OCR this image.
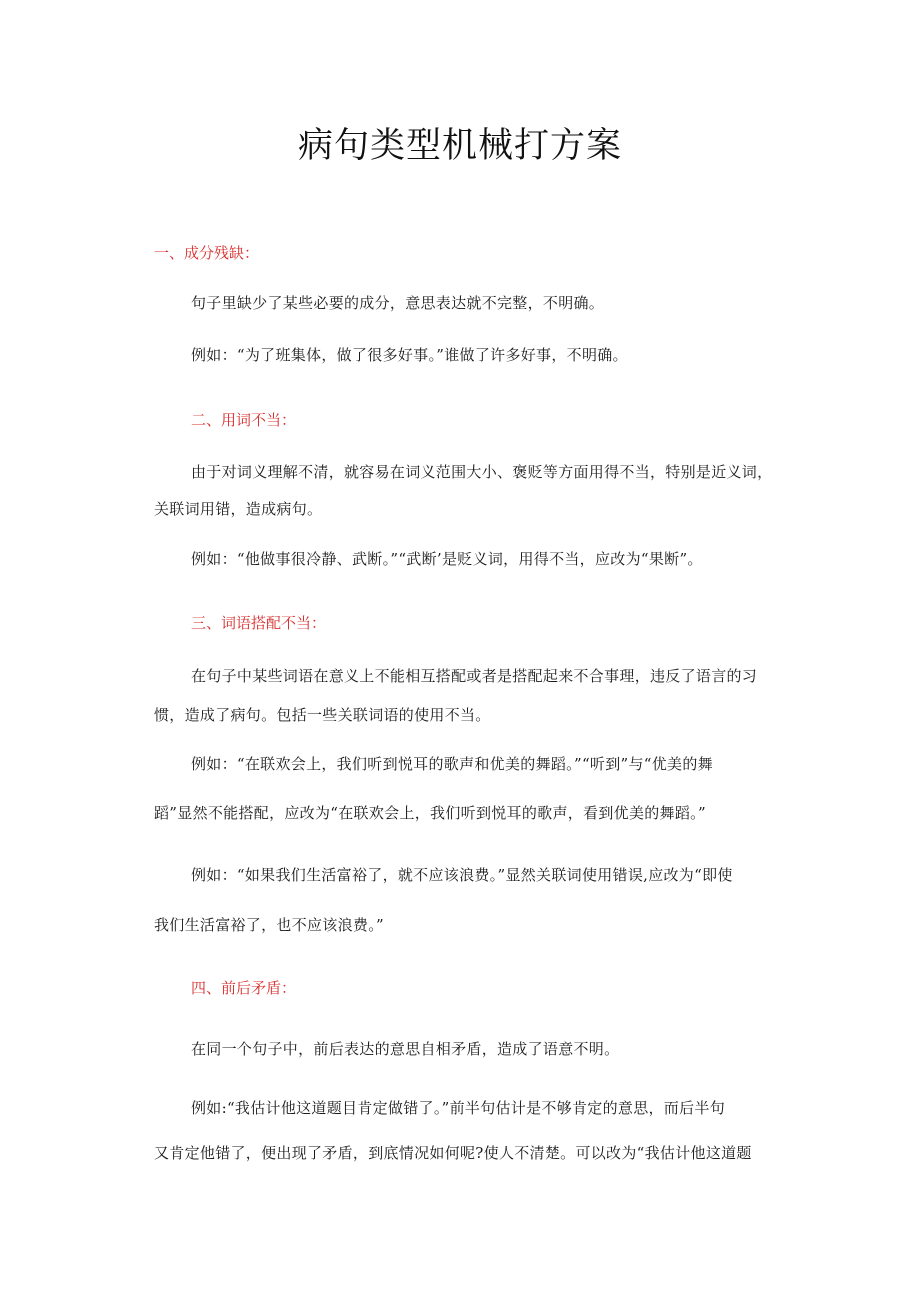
病句类型机械打方案
一、成分残缺：
句子里缺少了某些必要的成分，意思表达就不完整，不明确。
例如：“为了班集体，做了很多好事。”谁做了许多好事，不明确。
二、用词不当：
由于对词义理解不清，就容易在词义范围大小、褒贬等方面用得不当，特别是近义词，
关联词用错，造成病句。
例如：“他做事很冷静、武断。”“武断’是贬义词，用得不当，应改为“果断”。
三、词语搭配不当：
在句子中某些词语在意义上不能相互搭配或者是搭配起来不合事理，违反了语言的习
惯，造成了病句。包括一些关联词语的使用不当。
例如：“在联欢会上，我们听到悦耳的歌声和优美的舞蹈。”“听到”与“优美的舞
蹈”显然不能搭配，应改为“在联欢会上，我们听到悦耳的歌声，看到优美的舞蹈。”
例如：“如果我们生活富裕了，就不应该浪费。”显然关联词使用错误,应改为“即使
我们生活富裕了，也不应该浪费。”
四、前后矛盾：
在同一个句子中，前后表达的意思自相矛盾，造成了语意不明。
例如:“我估计他这道题目肯定做错了。”前半句估计是不够肯定的意思，而后半句
又肯定他错了，便出现了矛盾，到底情况如何呢?使人不清楚。可以改为“我估计他这道题
